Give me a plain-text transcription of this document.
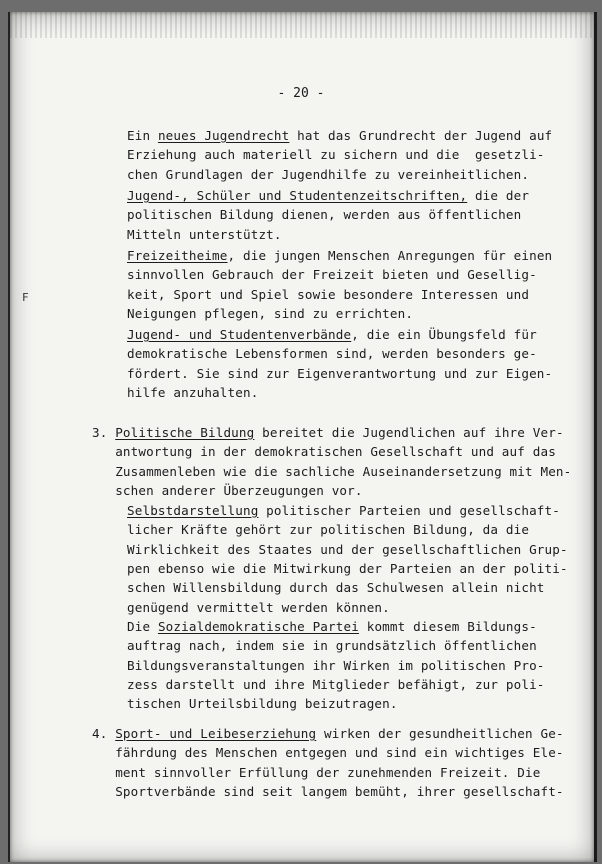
- 20 -
F
Ein neues Jugendrecht hat das Grundrecht der Jugend auf
Erziehung auch materiell zu sichern und die  gesetzli-
chen Grundlagen der Jugendhilfe zu vereinheitlichen.
Jugend-, Schüler und Studentenzeitschriften, die der
politischen Bildung dienen, werden aus öffentlichen
Mitteln unterstützt.
Freizeitheime, die jungen Menschen Anregungen für einen
sinnvollen Gebrauch der Freizeit bieten und Gesellig-
keit, Sport und Spiel sowie besondere Interessen und
Neigungen pflegen, sind zu errichten.
Jugend- und Studentenverbände, die ein Übungsfeld für
demokratische Lebensformen sind, werden besonders ge-
fördert. Sie sind zur Eigenverantwortung und zur Eigen-
hilfe anzuhalten.
3. Politische Bildung bereitet die Jugendlichen auf ihre Ver-
antwortung in der demokratischen Gesellschaft und auf das
Zusammenleben wie die sachliche Auseinandersetzung mit Men-
schen anderer Überzeugungen vor.
Selbstdarstellung politischer Parteien und gesellschaft-
licher Kräfte gehört zur politischen Bildung, da die
Wirklichkeit des Staates und der gesellschaftlichen Grup-
pen ebenso wie die Mitwirkung der Parteien an der politi-
schen Willensbildung durch das Schulwesen allein nicht
genügend vermittelt werden können.
Die Sozialdemokratische Partei kommt diesem Bildungs-
auftrag nach, indem sie in grundsätzlich öffentlichen
Bildungsveranstaltungen ihr Wirken im politischen Pro-
zess darstellt und ihre Mitglieder befähigt, zur poli-
tischen Urteilsbildung beizutragen.
4. Sport- und Leibeserziehung wirken der gesundheitlichen Ge-
fährdung des Menschen entgegen und sind ein wichtiges Ele-
ment sinnvoller Erfüllung der zunehmenden Freizeit. Die
Sportverbände sind seit langem bemüht, ihrer gesellschaft-
